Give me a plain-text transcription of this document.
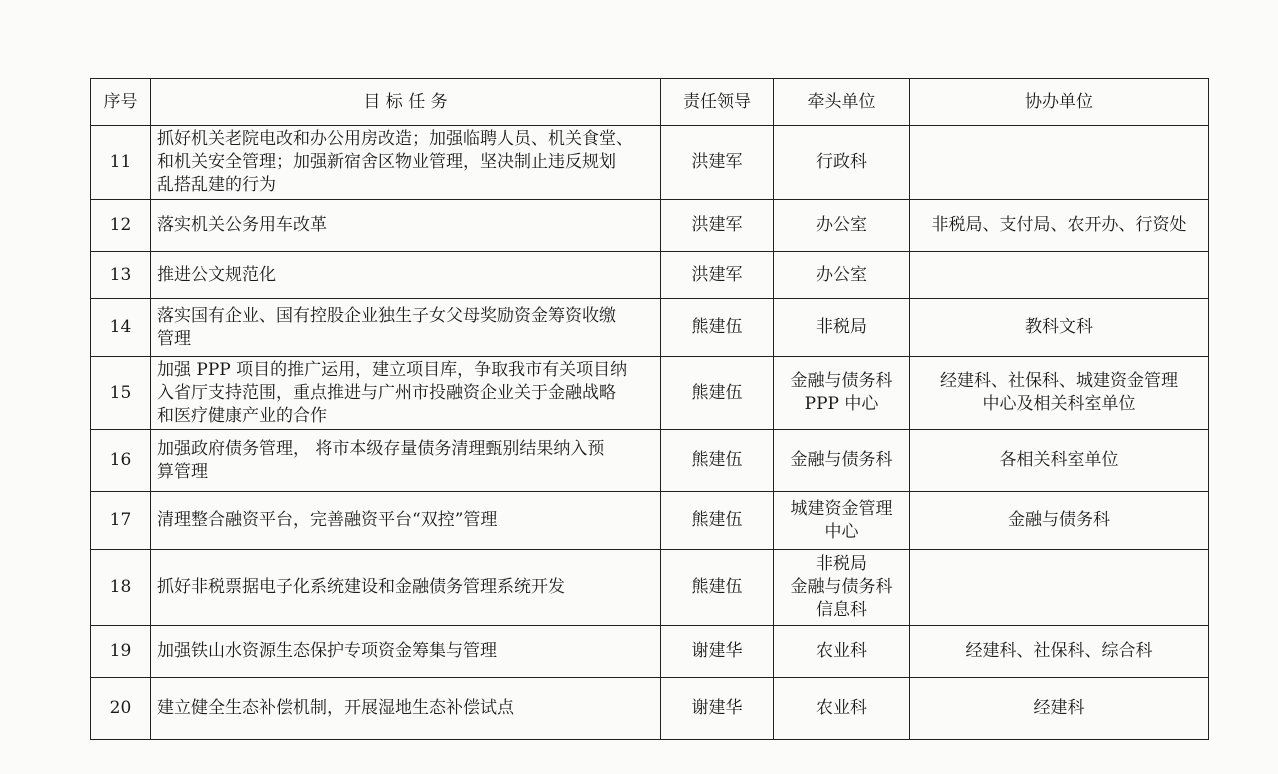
序号	目 标 任 务	责任领导	牵头单位	协办单位
11	抓好机关老院电改和办公用房改造；加强临聘人员、机关食堂、
和机关安全管理；加强新宿舍区物业管理，坚决制止违反规划
乱搭乱建的行为	洪建军	行政科	
12	落实机关公务用车改革	洪建军	办公室	非税局、支付局、农开办、行资处
13	推进公文规范化	洪建军	办公室	
14	落实国有企业、国有控股企业独生子女父母奖励资金筹资收缴
管理	熊建伍	非税局	教科文科
15	加强 PPP 项目的推广运用，建立项目库，争取我市有关项目纳
入省厅支持范围，重点推进与广州市投融资企业关于金融战略
和医疗健康产业的合作	熊建伍	金融与债务科
PPP 中心	经建科、社保科、城建资金管理
中心及相关科室单位
16	加强政府债务管理， 将市本级存量债务清理甄别结果纳入预
算管理	熊建伍	金融与债务科	各相关科室单位
17	清理整合融资平台，完善融资平台“双控”管理	熊建伍	城建资金管理
中心	金融与债务科
18	抓好非税票据电子化系统建设和金融债务管理系统开发	熊建伍	非税局
金融与债务科
信息科	
19	加强铁山水资源生态保护专项资金筹集与管理	谢建华	农业科	经建科、社保科、综合科
20	建立健全生态补偿机制，开展湿地生态补偿试点	谢建华	农业科	经建科
